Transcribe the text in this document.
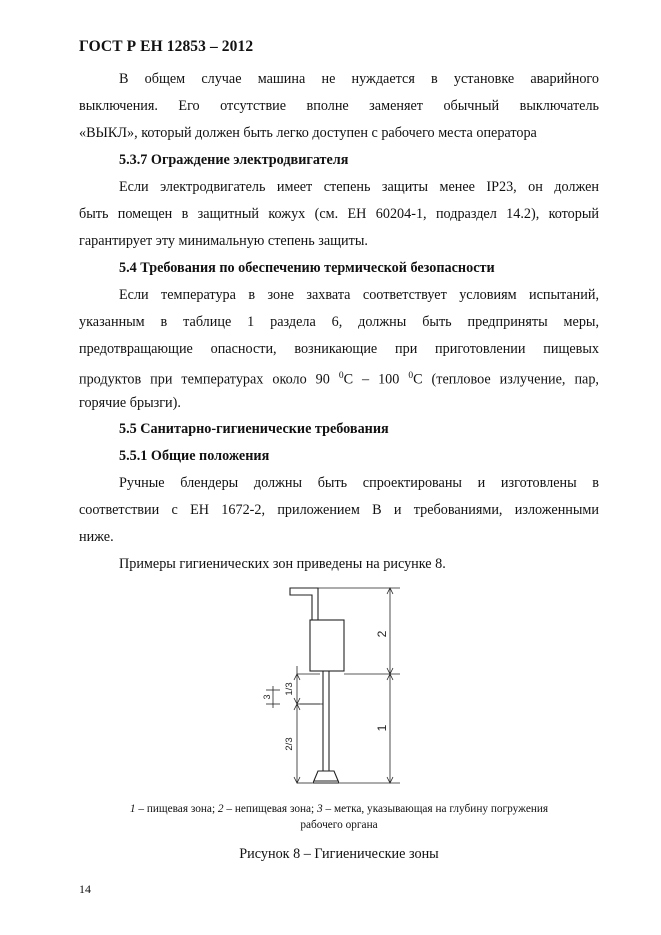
ГОСТ Р ЕН 12853 – 2012
В общем случае машина не нуждается в установке аварийного
выключения. Его отсутствие вполне заменяет обычный выключатель
«ВЫКЛ», который должен быть легко доступен с рабочего места оператора
5.3.7 Ограждение электродвигателя
Если электродвигатель имеет степень защиты менее IP23, он должен
быть помещен в защитный кожух (см. ЕН 60204-1, подраздел 14.2), который
гарантирует эту минимальную степень защиты.
5.4 Требования по обеспечению термической безопасности
Если температура в зоне захвата соответствует условиям испытаний,
указанным в таблице 1 раздела 6, должны быть предприняты меры,
предотвращающие опасности, возникающие при приготовлении пищевых
продуктов при температурах около 90 $^0$С – 100 $^0$С (тепловое излучение, пар,
горячие брызги).
5.5 Санитарно-гигиенические требования
5.5.1 Общие положения
Ручные блендеры должны быть спроектированы и изготовлены в
соответствии с ЕН 1672-2, приложением В и требованиями, изложенными
ниже.
Примеры гигиенических зон приведены на рисунке 8.
2
1
1/3
2/3
3
1 – пищевая зона; 2 – непищевая зона; 3 – метка, указывающая на глубину погружения
рабочего органа
Рисунок 8 – Гигиенические зоны
14
